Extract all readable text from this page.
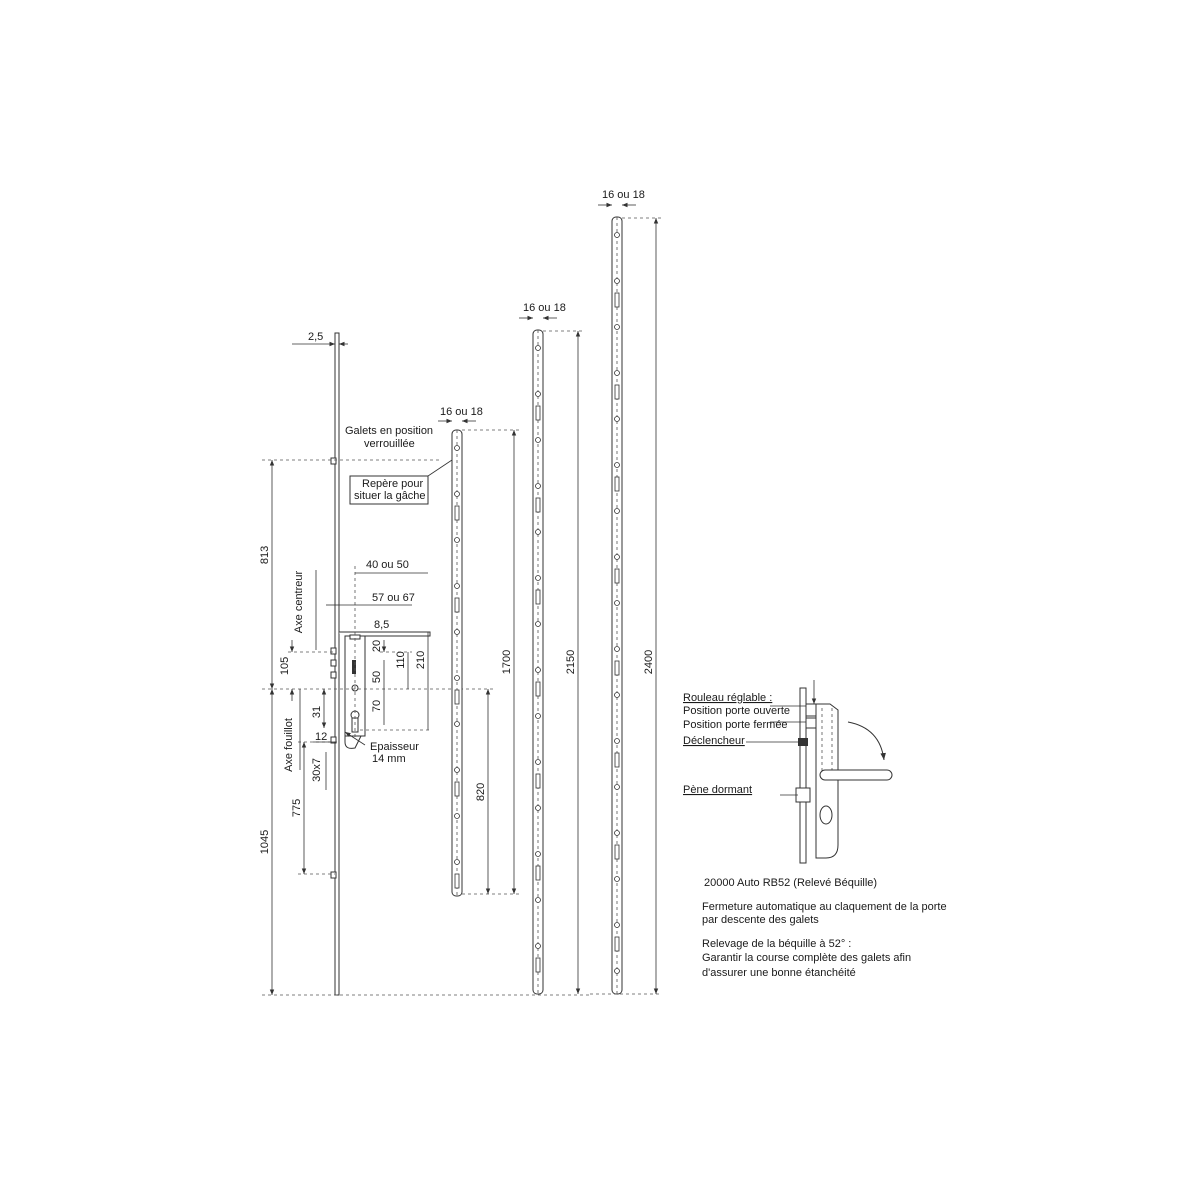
2,5
813
1045
105
775
Axe centreur
Axe fouillot
31
12
30x7
40 ou 50
57 ou 67
8,5
20
110 210
50
70
Galets en position
verrouillée
Repère pour
situer la gâche
Epaisseur
14 mm
16 ou 18
1700
820
16 ou 18
2150
16 ou 18
2400
Rouleau réglable :
Position porte ouverte
Position porte fermée
Déclencheur
Pène dormant
20000 Auto RB52 (Relevé Béquille)
Fermeture automatique au claquement de la porte
par descente des galets
Relevage de la béquille à 52° :
Garantir la course complète des galets afin
d'assurer une bonne étanchéité
